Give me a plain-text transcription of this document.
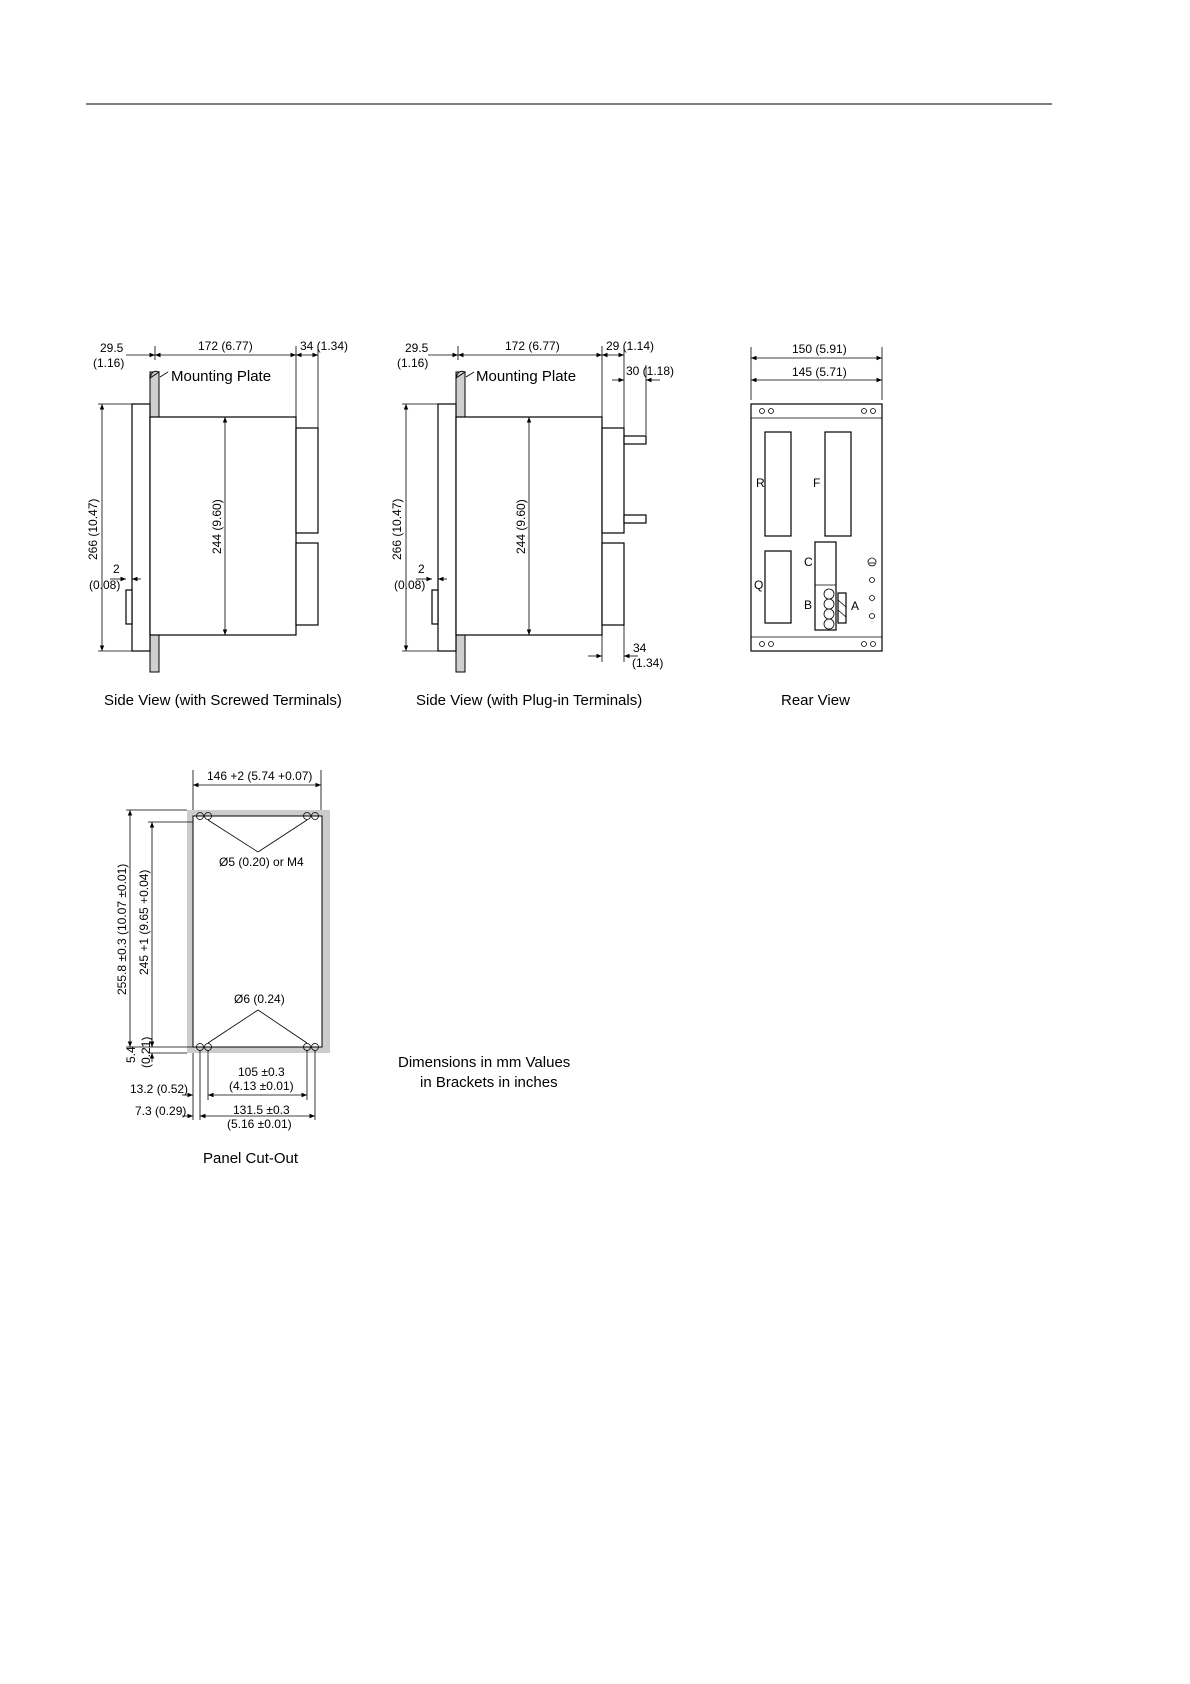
29.5
(1.16)
172 (6.77)	34 (1.34)
Mounting Plate
266 (10.47)	244 (9.60)
2
(0.08)
Side View (with Screwed Terminals)
29.5
(1.16)
172 (6.77)	29 (1.14)
30 (1.18)
Mounting Plate
266 (10.47)	244 (9.60)
2
(0.08)
34
(1.34)
Side View (with Plug-in Terminals)
150 (5.91)
145 (5.71)
R	F
C
Q
B	A
Rear View
146 +2 (5.74 +0.07)
Ø5 (0.20) or M4
Ø6 (0.24)
255.8 ±0.3 (10.07 ±0.01) 245 +1 (9.65 +0.04)
5.4 (0.21)
13.2 (0.52)
105 ±0.3
(4.13 ±0.01)
7.3 (0.29)	131.5 ±0.3
(5.16 ±0.01)
Panel Cut-Out
Dimensions in mm Values
in Brackets in inches
